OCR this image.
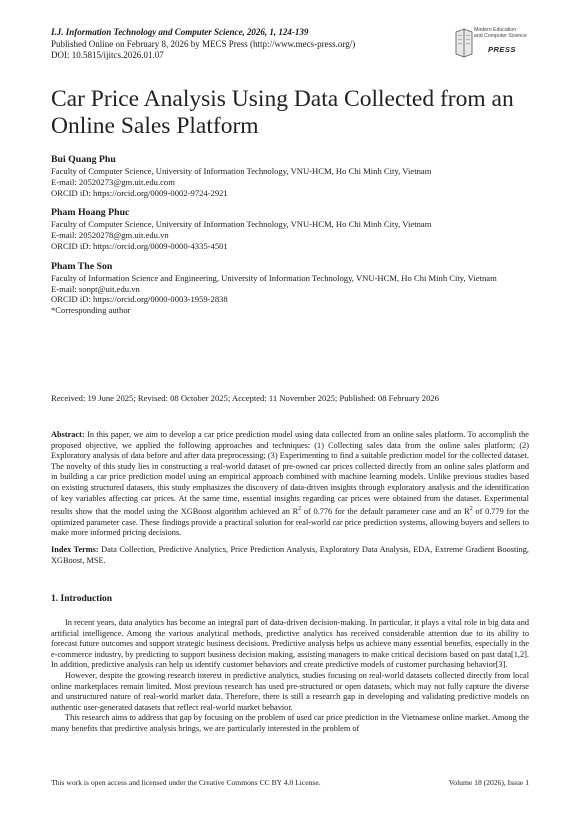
I.J. Information Technology and Computer Science, 2026, 1, 124-139
Published Online on February 8, 2026 by MECS Press (http://www.mecs-press.org/)
DOI: 10.5815/ijitcs.2026.01.07
Modern Education
and Computer Science
PRESS
Car Price Analysis Using Data Collected from an Online Sales Platform
Bui Quang Phu
Faculty of Computer Science, University of Information Technology, VNU-HCM, Ho Chi Minh City, Vietnam
E-mail: 20520273@gm.uit.edu.com
ORCID iD: https://orcid.org/0009-0002-9724-2921
Pham Hoang Phuc
Faculty of Computer Science, University of Information Technology, VNU-HCM, Ho Chi Minh City, Vietnam
E-mail: 20520278@gm.uit.edu.vn
ORCID iD: https://orcid.org/0009-0000-4335-4501
Pham The Son
Faculty of Information Science and Engineering, University of Information Technology, VNU-HCM, Ho Chi Minh City, Vietnam
E-mail: sonpt@uit.edu.vn
ORCID iD: https://orcid.org/0000-0003-1959-2838
*Corresponding author
Received: 19 June 2025; Revised: 08 October 2025; Accepted: 11 November 2025; Published: 08 February 2026
Abstract: In this paper, we aim to develop a car price prediction model using data collected from an online sales platform. To accomplish the proposed objective, we applied the following approaches and techniques: (1) Collecting sales data from the online sales platform; (2) Exploratory analysis of data before and after data preprocessing; (3) Experimenting to find a suitable prediction model for the collected dataset. The novelty of this study lies in constructing a real-world dataset of pre-owned car prices collected directly from an online sales platform and in building a car price prediction model using an empirical approach combined with machine learning models. Unlike previous studies based on existing structured datasets, this study emphasizes the discovery of data-driven insights through exploratory analysis and the identification of key variables affecting car prices. At the same time, essential insights regarding car prices were obtained from the dataset. Experimental results show that the model using the XGBoost algorithm achieved an $R^2$ of 0.776 for the default parameter case and an $R^2$ of 0.779 for the optimized parameter case. These findings provide a practical solution for real-world car price prediction systems, allowing buyers and sellers to make more informed pricing decisions.
Index Terms: Data Collection, Predictive Analytics, Price Prediction Analysis, Exploratory Data Analysis, EDA, Extreme Gradient Boosting, XGBoost, MSE.
1. Introduction

In recent years, data analytics has become an integral part of data-driven decision-making. In particular, it plays a vital role in big data and artificial intelligence. Among the various analytical methods, predictive analytics has received considerable attention due to its ability to forecast future outcomes and support strategic business decisions. Predictive analysis helps us achieve many essential benefits, especially in the e-commerce industry, by predicting to support business decision making, assisting managers to make critical decisions based on past data[1,2]. In addition, predictive analysis can help us identify customer behaviors and create predictive models of customer purchasing behavior[3].

However, despite the growing research interest in predictive analytics, studies focusing on real-world datasets collected directly from local online marketplaces remain limited. Most previous research has used pre-structured or open datasets, which may not fully capture the diverse and unstructured nature of real-world market data. Therefore, there is still a research gap in developing and validating predictive models on authentic user-generated datasets that reflect real-world market behavior.

This research aims to address that gap by focusing on the problem of used car price prediction in the Vietnamese online market. Among the many benefits that predictive analysis brings, we are particularly interested in the problem of

This work is open access and licensed under the Creative Commons CC BY 4.0 License.	Volume 18 (2026), Issue 1
